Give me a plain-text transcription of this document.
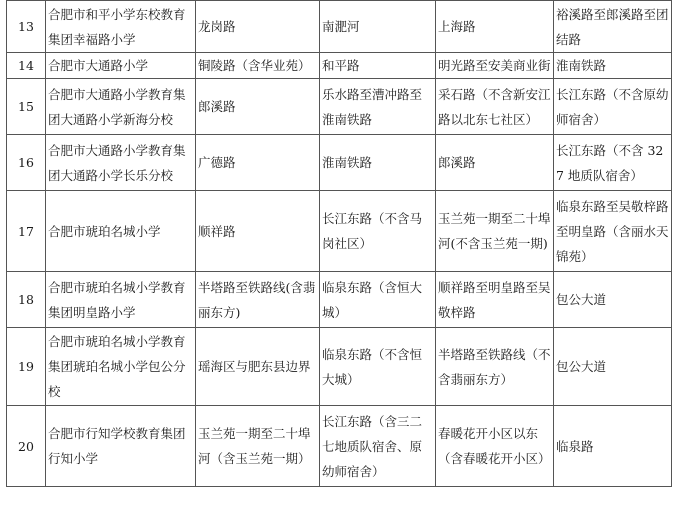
13	合肥市和平小学东校教育集团幸福路小学	龙岗路	南淝河	上海路	裕溪路至郎溪路至团结路
14	合肥市大通路小学	铜陵路（含华业苑）	和平路	明光路至安美商业街	淮南铁路
15	合肥市大通路小学教育集团大通路小学新海分校	郎溪路	乐水路至漕冲路至淮南铁路	采石路（不含新安江路以北东七社区）	长江东路（不含原幼师宿舍）
16	合肥市大通路小学教育集团大通路小学长乐分校	广德路	淮南铁路	郎溪路	长江东路（不含 327 地质队宿舍）
17	合肥市琥珀名城小学	顺祥路	长江东路（不含马岗社区）	玉兰苑一期至二十埠河(不含玉兰苑一期)	临泉东路至吴敬梓路至明皇路（含丽水天锦苑）
18	合肥市琥珀名城小学教育集团明皇路小学	半塔路至铁路线(含翡丽东方)	临泉东路（含恒大城）	顺祥路至明皇路至吴敬梓路	包公大道
19	合肥市琥珀名城小学教育集团琥珀名城小学包公分校	瑶海区与肥东县边界	临泉东路（不含恒大城）	半塔路至铁路线（不含翡丽东方）	包公大道
20	合肥市行知学校教育集团行知小学	玉兰苑一期至二十埠河（含玉兰苑一期）	长江东路（含三二七地质队宿舍、原幼师宿舍）	春暖花开小区以东（含春暖花开小区）	临泉路
